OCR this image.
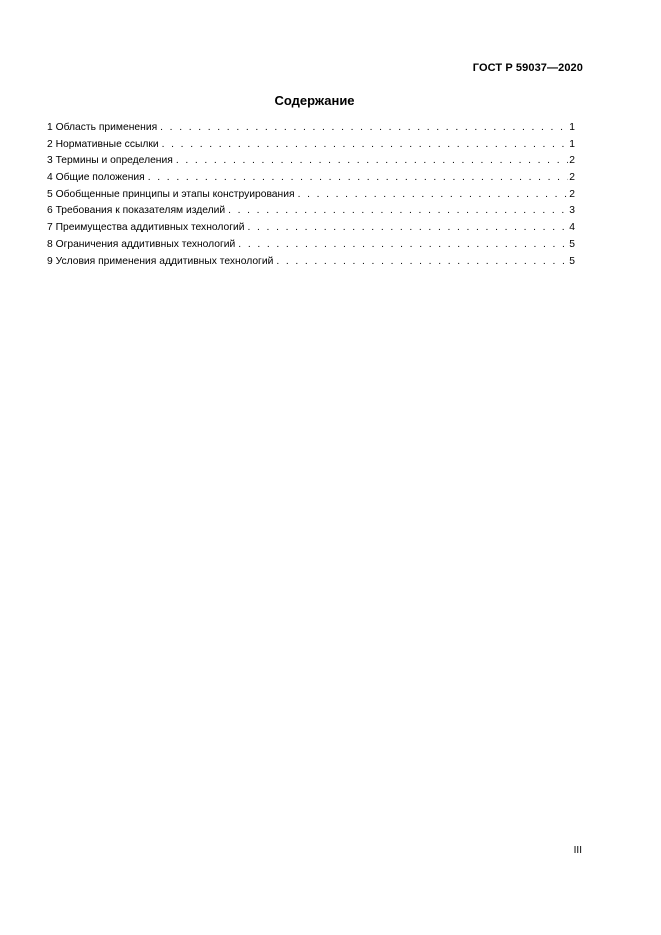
ГОСТ Р 59037—2020
Содержание
1 Область применения . . .	1
2 Нормативные ссылки . . .	1
3 Термины и определения . . .	2
4 Общие положения . . .	2
5 Обобщенные принципы и этапы конструирования . . .	2
6 Требования к показателям изделий . . .	3
7 Преимущества аддитивных технологий . . .	4
8 Ограничения аддитивных технологий . . .	5
9 Условия применения аддитивных технологий . . .	5
III
